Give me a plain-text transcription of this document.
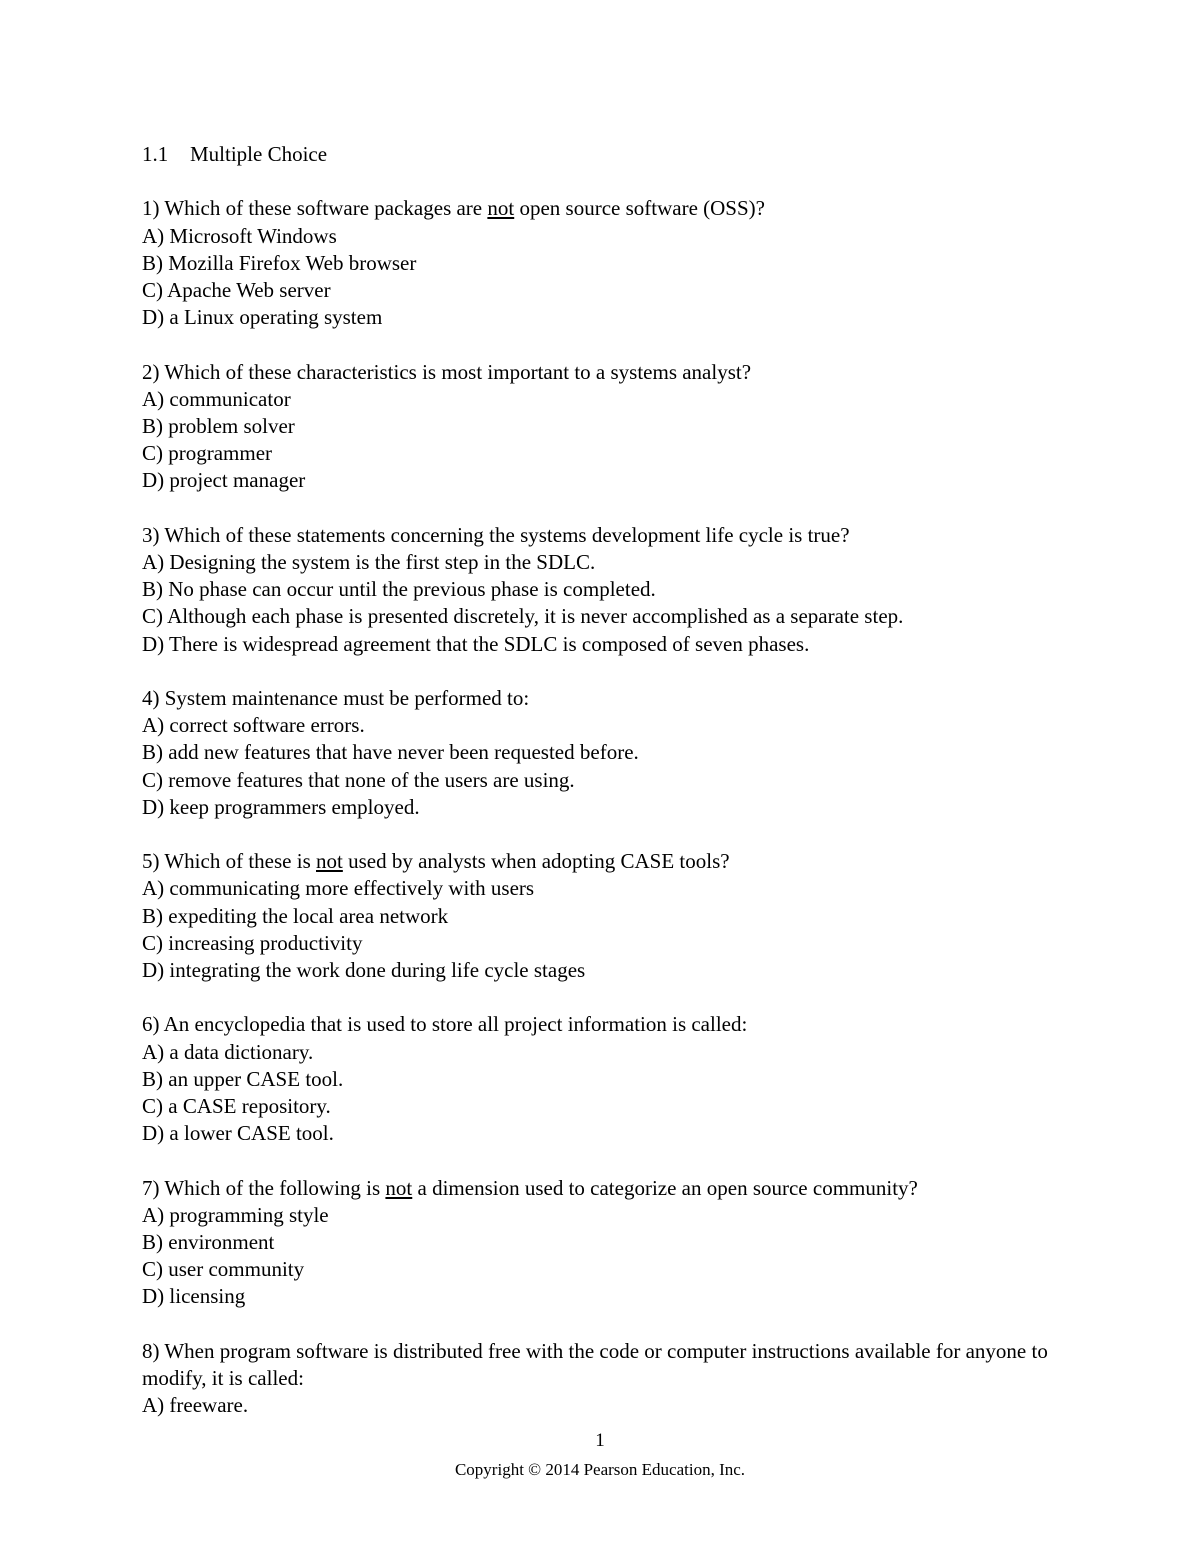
1.1 Multiple Choice

1) Which of these software packages are not open source software (OSS)?

A) Microsoft Windows

B) Mozilla Firefox Web browser

C) Apache Web server

D) a Linux operating system

2) Which of these characteristics is most important to a systems analyst?

A) communicator

B) problem solver

C) programmer

D) project manager

3) Which of these statements concerning the systems development life cycle is true?

A) Designing the system is the first step in the SDLC.

B) No phase can occur until the previous phase is completed.

C) Although each phase is presented discretely, it is never accomplished as a separate step.

D) There is widespread agreement that the SDLC is composed of seven phases.

4) System maintenance must be performed to:

A) correct software errors.

B) add new features that have never been requested before.

C) remove features that none of the users are using.

D) keep programmers employed.

5) Which of these is not used by analysts when adopting CASE tools?

A) communicating more effectively with users

B) expediting the local area network

C) increasing productivity

D) integrating the work done during life cycle stages

6) An encyclopedia that is used to store all project information is called:

A) a data dictionary.

B) an upper CASE tool.

C) a CASE repository.

D) a lower CASE tool.

7) Which of the following is not a dimension used to categorize an open source community?

A) programming style

B) environment

C) user community

D) licensing

8) When program software is distributed free with the code or computer instructions available for anyone to modify, it is called:

A) freeware.

1
Copyright © 2014 Pearson Education, Inc.
